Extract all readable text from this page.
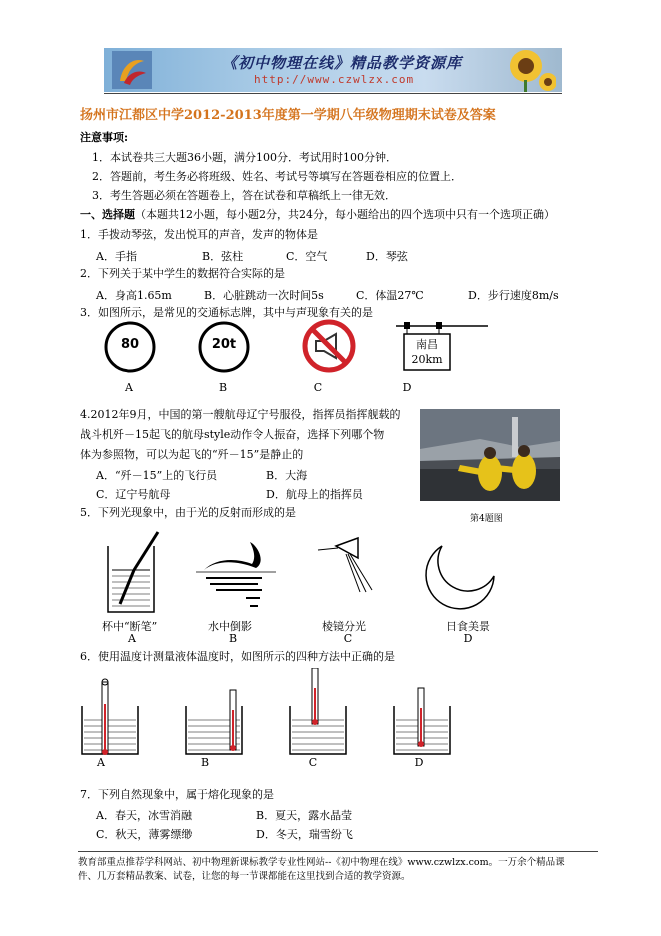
《初中物理在线》精品教学资源库
http://www.czwlzx.com
扬州市江都区中学2012-2013年度第一学期八年级物理期末试卷及答案
注意事项:
1．本试卷共三大题36小题，满分100分．考试用时100分钟．
2．答题前，考生务必将班级、姓名、考试号等填写在答题卷相应的位置上．
3．考生答题必须在答题卷上，答在试卷和草稿纸上一律无效．
一、选择题（本题共12小题，每小题2分，共24分，每小题给出的四个选项中只有一个选项正确）
1．手拨动琴弦，发出悦耳的声音，发声的物体是
A．手指	B．弦柱	C．空气	D．琴弦
2．下列关于某中学生的数据符合实际的是
A．身高1.65m	B．心脏跳动一次时间5s	C．体温27℃	D．步行速度8m/s
3．如图所示，是常见的交通标志牌，其中与声现象有关的是
80	20t	南昌
20km
A	B	C	D
4.2012年9月，中国的第一艘航母辽宁号服役，指挥员指挥舰载的
战斗机歼－15起飞的航母style动作令人振奋，选择下列哪个物
体为参照物，可以为起飞的“歼－15”是静止的
A．“歼－15”上的飞行员	B．大海
C．辽宁号航母	D．航母上的指挥员
第4题图
5．下列光现象中，由于光的反射而形成的是
杯中“断笔”	水中倒影	棱镜分光	日食美景
A	B	C	D
6．使用温度计测量液体温度时，如图所示的四种方法中正确的是
A	B	C	D
7．下列自然现象中，属于熔化现象的是
A．春天，冰雪消融	B．夏天，露水晶莹
C．秋天，薄雾缥缈	D．冬天，瑞雪纷飞
教育部重点推荐学科网站、初中物理新课标教学专业性网站--《初中物理在线》www.czwlzx.com。一万余个精品课
件、几万套精品教案、试卷，让您的每一节课都能在这里找到合适的教学资源。
